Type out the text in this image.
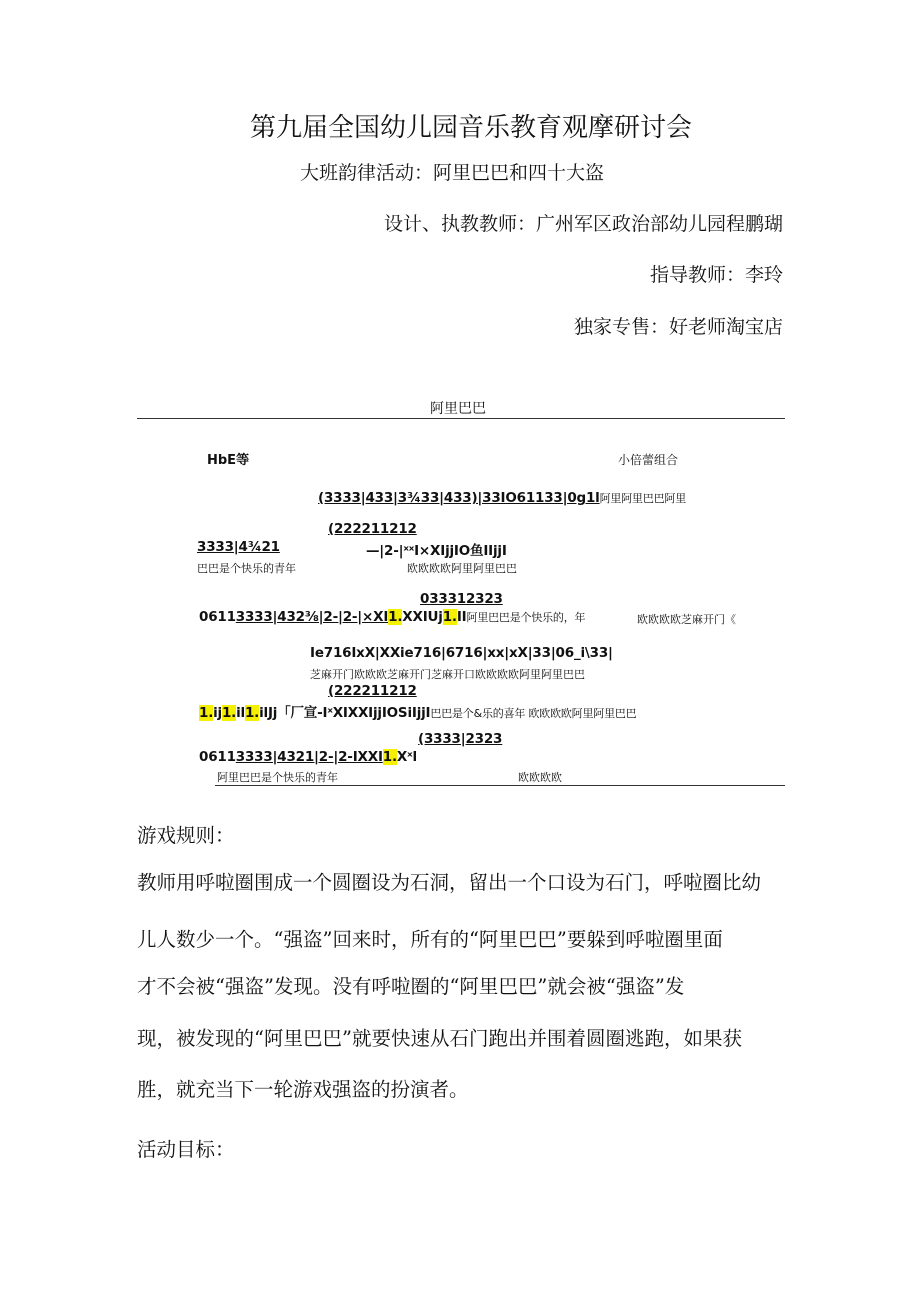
第九届全国幼儿园音乐教育观摩研讨会
大班韵律活动：阿里巴巴和四十大盗
设计、执教教师：广州军区政治部幼儿园程鹏瑚
指导教师：李玲
独家专售：好老师淘宝店
阿里巴巴
HbE等	小倍蕾组合
(3333|433|3¾33|433)|33IO61133|0g1l阿里阿里巴巴阿里
(222211212
3333|4¾21	—|2-|ˣˣI×XIjjIO鱼IIjjI
巴巴是个快乐的青年	欧欧欧欧阿里阿里巴巴
033312323
06113333|432⅜|2-|2-|×XI1.XXIUj1.II阿里巴巴是个快乐的，年	欧欧欧欧芝麻开门《
Ie716IxX|XXie716|6716|xx|xX|33|06_i\33|
芝麻开门欧欧欧芝麻开门芝麻开口欧欧欧欧阿里阿里巴巴
(222211212
1.ij1.il1.ilJj「厂宣-IˣXIXXIjjIOSiIjjI巴巴是个&乐的喜年 欧欧欧欧阿里阿里巴巴
(3333|2323
06113333|4321|2-|2-IXXI1.Xˣl
阿里巴巴是个快乐的青年	欧欧欧欧
游戏规则：
教师用呼啦圈围成一个圆圈设为石洞，留出一个口设为石门，呼啦圈比幼
儿人数少一个。“强盗”回来时，所有的“阿里巴巴”要躲到呼啦圈里面
才不会被“强盗”发现。没有呼啦圈的“阿里巴巴”就会被“强盗”发
现，被发现的“阿里巴巴”就要快速从石门跑出并围着圆圈逃跑，如果获
胜，就充当下一轮游戏强盗的扮演者。
活动目标：
